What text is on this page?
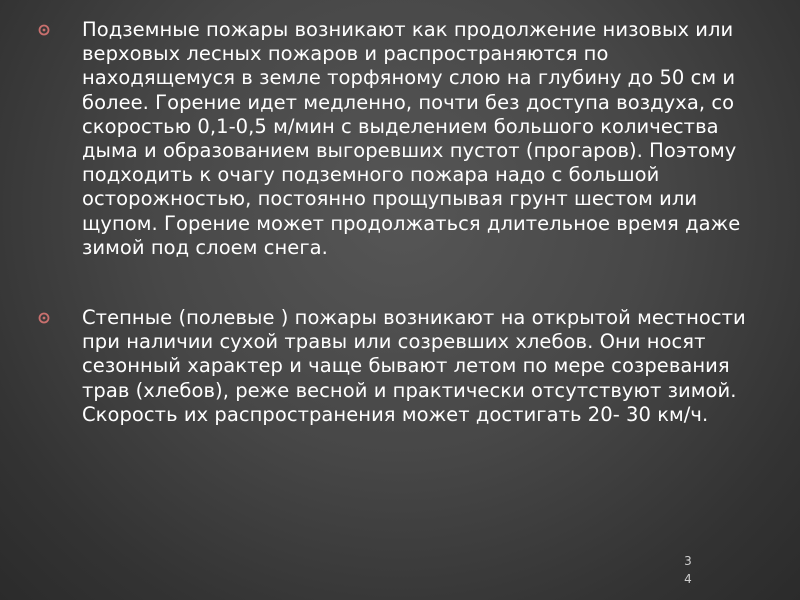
Подземные пожары возникают как продолжение низовых или верховых лесных пожаров и распространяются по находящемуся в земле торфяному слою на глубину до 50 см и более. Горение идет медленно, почти без доступа воздуха, со скоростью 0,1-0,5 м/мин с выделением большого количества дыма и образованием выгоревших пустот (прогаров). Поэтому подходить к очагу подземного пожара надо с большой осторожностью, постоянно прощупывая грунт шестом или щупом. Горение может продолжаться длительное время даже зимой под слоем снега.
Степные (полевые ) пожары возникают на открытой местности при наличии сухой травы или созревших хлебов. Они носят сезонный характер и чаще бывают летом по мере созревания трав (хлебов), реже весной и практически отсутствуют зимой. Скорость их распространения может достигать 20- 30 км/ч.
34
